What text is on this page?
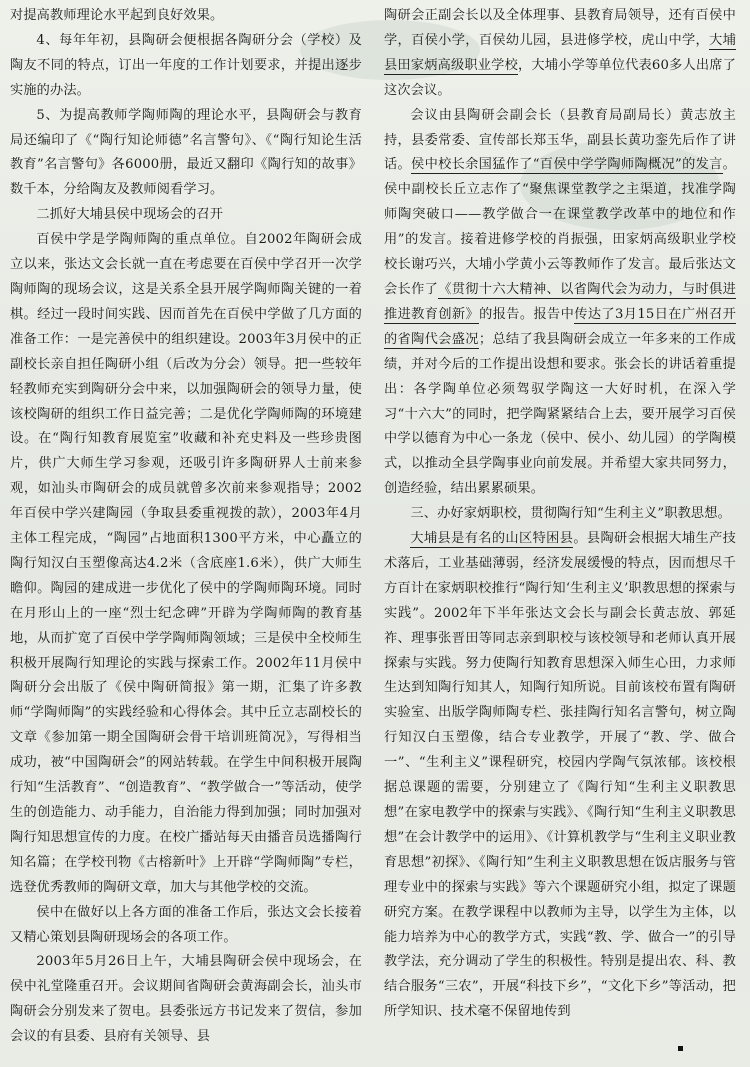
对提高教师理论水平起到良好效果。

4、每年年初，县陶研会便根据各陶研分会（学校）及陶友不同的特点，订出一年度的工作计划要求，并提出逐步实施的办法。

5、为提高教师学陶师陶的理论水平，县陶研会与教育局还编印了《“陶行知论师德”名言警句》、《“陶行知论生活教育”名言警句》各6000册，最近又翻印《陶行知的故事》数千本，分给陶友及教师阅看学习。

二抓好大埔县侯中现场会的召开

百侯中学是学陶师陶的重点单位。自2002年陶研会成立以来，张达文会长就一直在考虑要在百侯中学召开一次学陶师陶的现场会议，这是关系全县开展学陶师陶关键的一着棋。经过一段时间实践、因而首先在百侯中学做了几方面的准备工作：一是完善侯中的组织建设。2003年3月侯中的正副校长亲自担任陶研小组（后改为分会）领导。把一些较年轻教师充实到陶研分会中来，以加强陶研会的领导力量，使该校陶研的组织工作日益完善；二是优化学陶师陶的环境建设。在“陶行知教育展览室”收藏和补充史料及一些珍贵图片，供广大师生学习参观，还吸引许多陶研界人士前来参观，如汕头市陶研会的成员就曾多次前来参观指导；2002年百侯中学兴建陶园（争取县委重视拨的款），2003年4月主体工程完成，“陶园”占地面积1300平方米，中心矗立的陶行知汉白玉塑像高达4.2米（含底座1.6米），供广大师生瞻仰。陶园的建成进一步优化了侯中的学陶师陶环境。同时在月形山上的一座“烈士纪念碑”开辟为学陶师陶的教育基地，从而扩宽了百侯中学学陶师陶领域；三是侯中全校师生积极开展陶行知理论的实践与探索工作。2002年11月侯中陶研分会出版了《侯中陶研简报》第一期，汇集了许多教师“学陶师陶”的实践经验和心得体会。其中丘立志副校长的文章《参加第一期全国陶研会骨干培训班简况》，写得相当成功，被“中国陶研会”的网站转载。在学生中间积极开展陶行知“生活教育”、“创造教育”、“教学做合一”等活动，使学生的创造能力、动手能力，自治能力得到加强；同时加强对陶行知思想宣传的力度。在校广播站每天由播音员选播陶行知名篇；在学校刊物《古榕新叶》上开辟“学陶师陶”专栏，选登优秀教师的陶研文章，加大与其他学校的交流。

侯中在做好以上各方面的准备工作后，张达文会长接着又精心策划县陶研现场会的各项工作。

2003年5月26日上午，大埔县陶研会侯中现场会，在侯中礼堂隆重召开。会议期间省陶研会黄海副会长，汕头市陶研会分别发来了贺电。县委张远方书记发来了贺信，参加会议的有县委、县府有关领导、县

陶研会正副会长以及全体理事、县教育局领导，还有百侯中学，百侯小学，百侯幼儿园，县进修学校，虎山中学，大埔县田家炳高级职业学校，大埔小学等单位代表60多人出席了这次会议。

会议由县陶研会副会长（县教育局副局长）黄志放主持，县委常委、宣传部长郑玉华，副县长黄功銮先后作了讲话。侯中校长余国猛作了“百侯中学学陶师陶概况”的发言。侯中副校长丘立志作了“聚焦课堂教学之主渠道，找准学陶师陶突破口——教学做合一在课堂教学改革中的地位和作用”的发言。接着进修学校的肖振强，田家炳高级职业学校校长谢巧兴，大埔小学黄小云等教师作了发言。最后张达文会长作了《贯彻十六大精神、以省陶代会为动力，与时俱进推进教育创新》的报告。报告中传达了3月15日在广州召开的省陶代会盛况；总结了我县陶研会成立一年多来的工作成绩，并对今后的工作提出设想和要求。张会长的讲话着重提出：各学陶单位必须驾驭学陶这一大好时机，在深入学习“十六大”的同时，把学陶紧紧结合上去，要开展学习百侯中学以德育为中心一条龙（侯中、侯小、幼儿园）的学陶模式，以推动全县学陶事业向前发展。并希望大家共同努力，创造经验，结出累累硕果。

三、办好家炳职校，贯彻陶行知“生利主义”职教思想。

大埔县是有名的山区特困县。县陶研会根据大埔生产技术落后，工业基础薄弱，经济发展缓慢的特点，因而想尽千方百计在家炳职校推行“陶行知‘生利主义’职教思想的探索与实践”。2002年下半年张达文会长与副会长黄志放、郭延祚、理事张晋田等同志亲到职校与该校领导和老师认真开展探索与实践。努力使陶行知教育思想深入师生心田，力求师生达到知陶行知其人，知陶行知所说。目前该校布置有陶研实验室、出版学陶师陶专栏、张挂陶行知名言警句，树立陶行知汉白玉塑像，结合专业教学，开展了“教、学、做合一”、“生利主义”课程研究，校园内学陶气氛浓郁。该校根据总课题的需要，分别建立了《陶行知“生利主义职教思想”在家电教学中的探索与实践》、《陶行知“生利主义职教思想”在会计教学中的运用》、《计算机教学与“生利主义职业教育思想”初探》、《陶行知”生利主义职教思想在饭店服务与管理专业中的探索与实践》等六个课题研究小组，拟定了课题研究方案。在教学课程中以教师为主导，以学生为主体，以能力培养为中心的教学方式，实践“教、学、做合一”的引导教学法，充分调动了学生的积极性。特别是提出农、科、教结合服务“三农”，开展“科技下乡”，“文化下乡”等活动，把所学知识、技术毫不保留地传到
